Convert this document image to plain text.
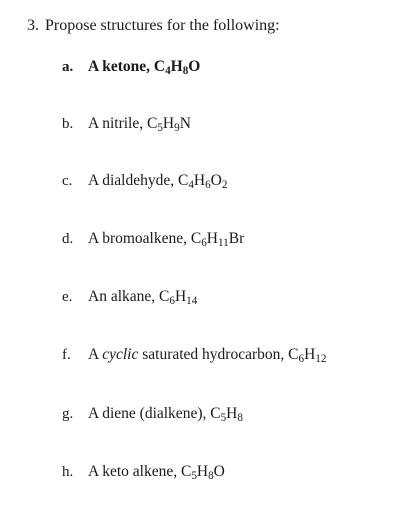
3. Propose structures for the following:
a. A ketone, $C_4H_8O$
b. A nitrile, $C_5H_9N$
c. A dialdehyde, $C_4H_6O_2$
d. A bromoalkene, $C_6H_{11}Br$
e. An alkane, $C_6H_{14}$
f. A cyclic saturated hydrocarbon, $C_6H_{12}$
g. A diene (dialkene), $C_5H_8$
h. A keto alkene, $C_5H_8O$
